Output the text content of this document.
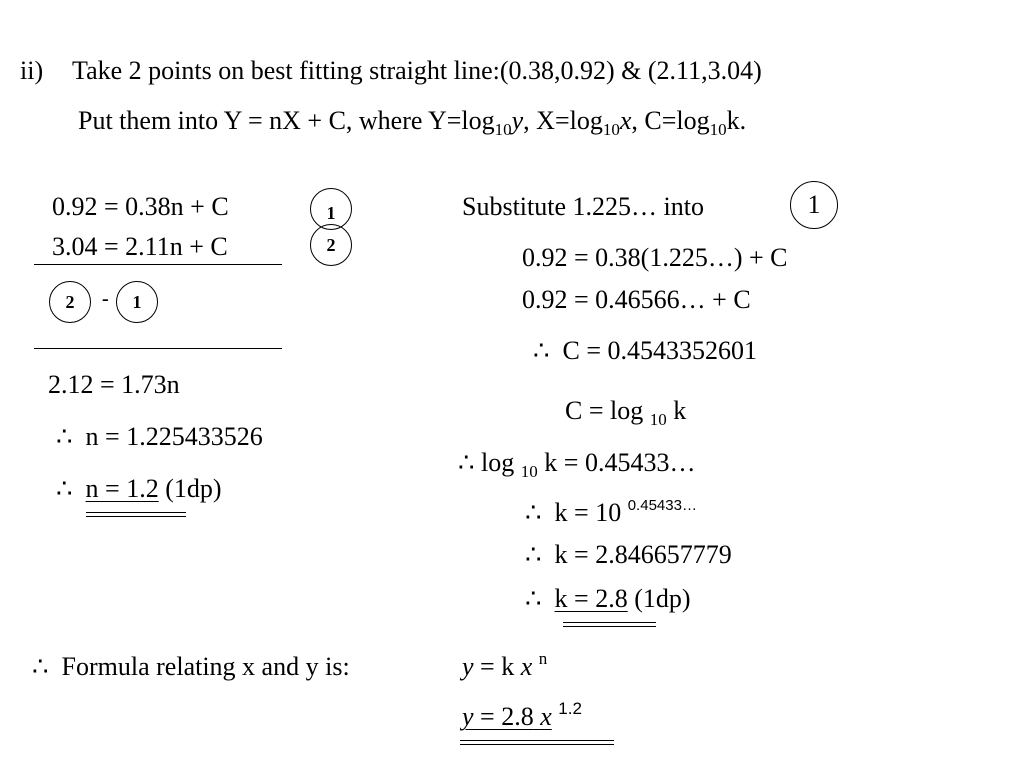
ii) Take 2 points on best fitting straight line:(0.38,0.92) & (2.11,3.04)
Put them into Y = nX + C, where $Y=\log_{10}y$, $X=\log_{10}x$, $C=\log_{10}k$.
0.92 = 0.38n + C	1
3.04 = 2.11n + C	2
2 - 1
2.12 = 1.73n
∴ n = 1.225433526
∴ n = 1.2 (1dp)
Substitute 1.225… into	1
0.92 = 0.38(1.225…) + C
0.92 = 0.46566… + C
∴ C = 0.4543352601
C = log $_{10}$ k
∴ log $_{10}$ k = 0.45433…
∴ k = 10 $^{0.45433\dots}$
∴ k = 2.846657779
∴ k = 2.8 (1dp)
∴ Formula relating x and y is:	y = k x $^n$
y = 2.8 x $^{1.2}$
